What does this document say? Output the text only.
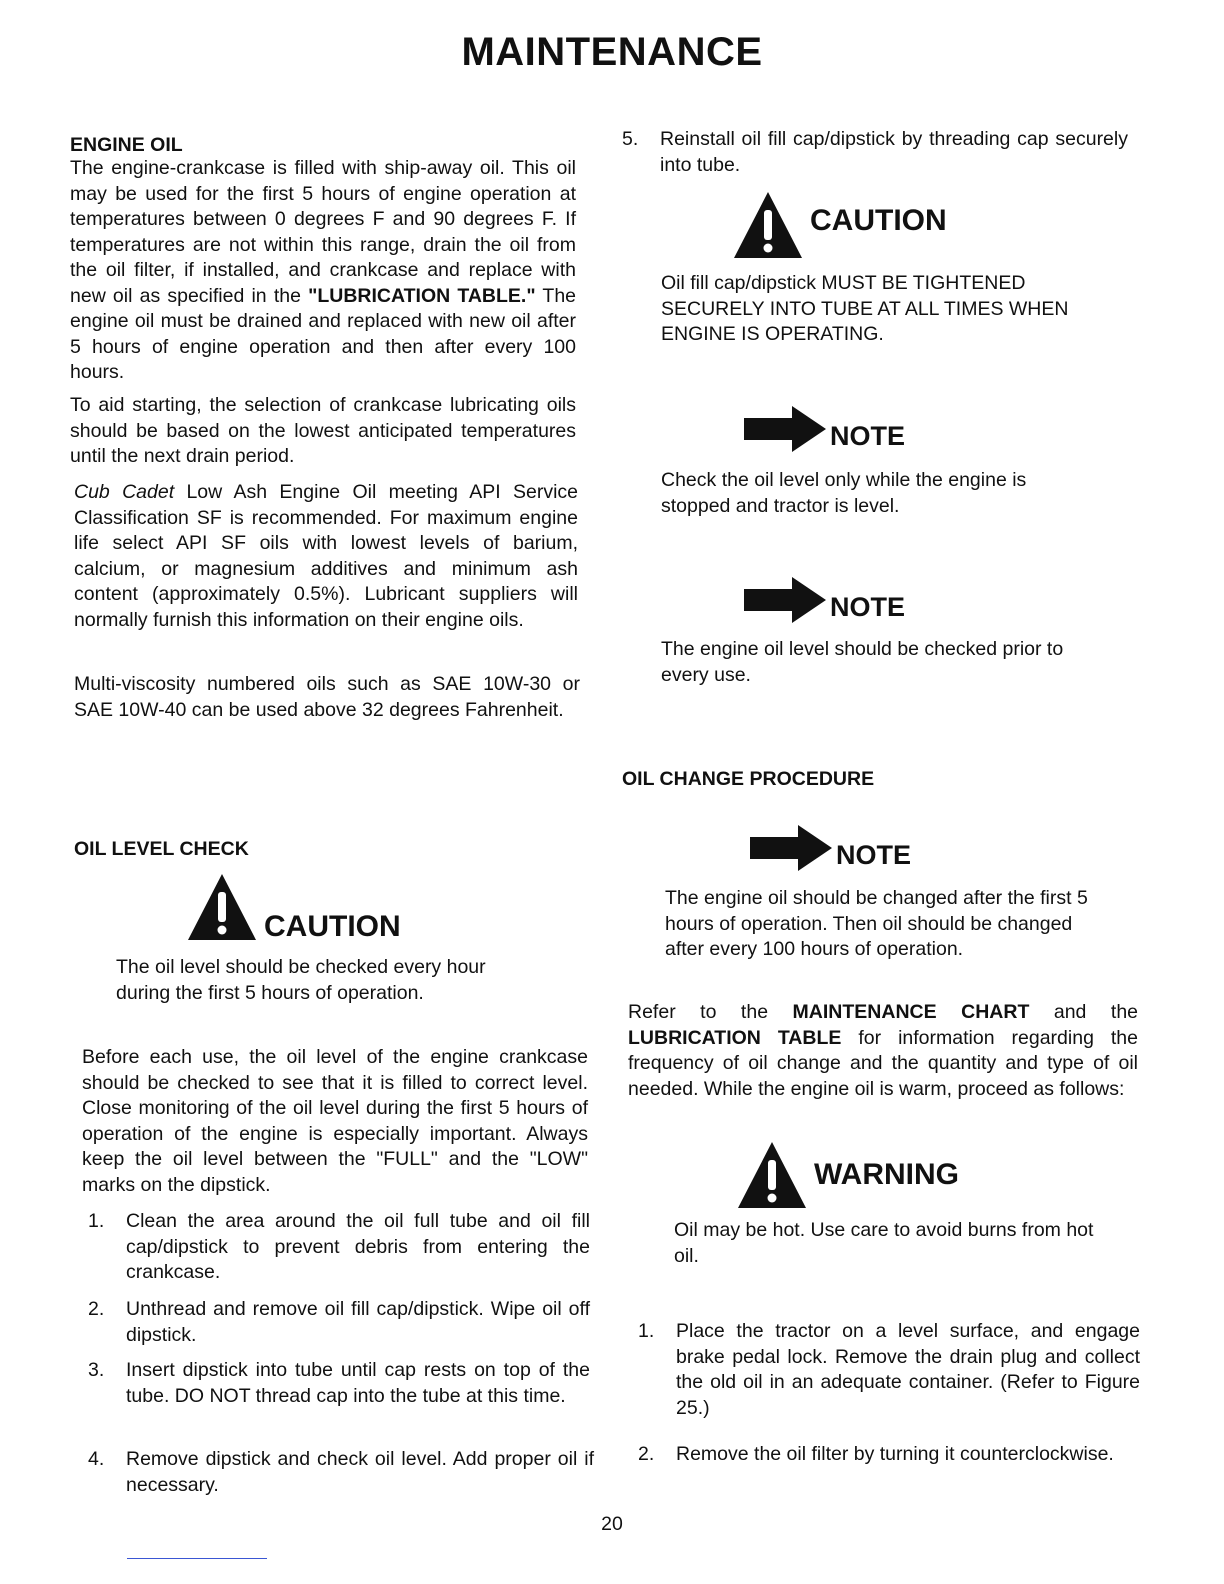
MAINTENANCE
ENGINE OIL

The engine-crankcase is filled with ship-away oil. This oil may be used for the first 5 hours of engine operation at temperatures between 0 degrees F and 90 degrees F. If temperatures are not within this range, drain the oil from the oil filter, if installed, and crankcase and replace with new oil as specified in the "LUBRICATION TABLE." The engine oil must be drained and replaced with new oil after 5 hours of engine operation and then after every 100 hours.

To aid starting, the selection of crankcase lubricating oils should be based on the lowest anticipated temperatures until the next drain period.

Cub Cadet Low Ash Engine Oil meeting API Service Classification SF is recommended. For maximum engine life select API SF oils with lowest levels of barium, calcium, or magnesium additives and minimum ash content (approximately 0.5%). Lubricant suppliers will normally furnish this information on their engine oils.

Multi-viscosity numbered oils such as SAE 10W-30 or SAE 10W-40 can be used above 32 degrees Fahrenheit.

OIL LEVEL CHECK
CAUTION

The oil level should be checked every hour during the first 5 hours of operation.

Before each use, the oil level of the engine crankcase should be checked to see that it is filled to correct level. Close monitoring of the oil level during the first 5 hours of operation of the engine is especially important. Always keep the oil level between the "FULL" and the "LOW" marks on the dipstick.

1. Clean the area around the oil full tube and oil fill cap/dipstick to prevent debris from entering the crankcase.
2. Unthread and remove oil fill cap/dipstick. Wipe oil off dipstick.
3. Insert dipstick into tube until cap rests on top of the tube. DO NOT thread cap into the tube at this time.
4. Remove dipstick and check oil level. Add proper oil if necessary.
5. Reinstall oil fill cap/dipstick by threading cap securely into tube.
CAUTION

Oil fill cap/dipstick MUST BE TIGHTENED SECURELY INTO TUBE AT ALL TIMES WHEN ENGINE IS OPERATING.

NOTE

Check the oil level only while the engine is stopped and tractor is level.

NOTE

The engine oil level should be checked prior to every use.

OIL CHANGE PROCEDURE
NOTE

The engine oil should be changed after the first 5 hours of operation. Then oil should be changed after every 100 hours of operation.

Refer to the MAINTENANCE CHART and the LUBRICATION TABLE for information regarding the frequency of oil change and the quantity and type of oil needed. While the engine oil is warm, proceed as follows:

WARNING

Oil may be hot. Use care to avoid burns from hot oil.

1. Place the tractor on a level surface, and engage brake pedal lock. Remove the drain plug and collect the old oil in an adequate container. (Refer to Figure 25.)
2. Remove the oil filter by turning it counterclockwise.
20
